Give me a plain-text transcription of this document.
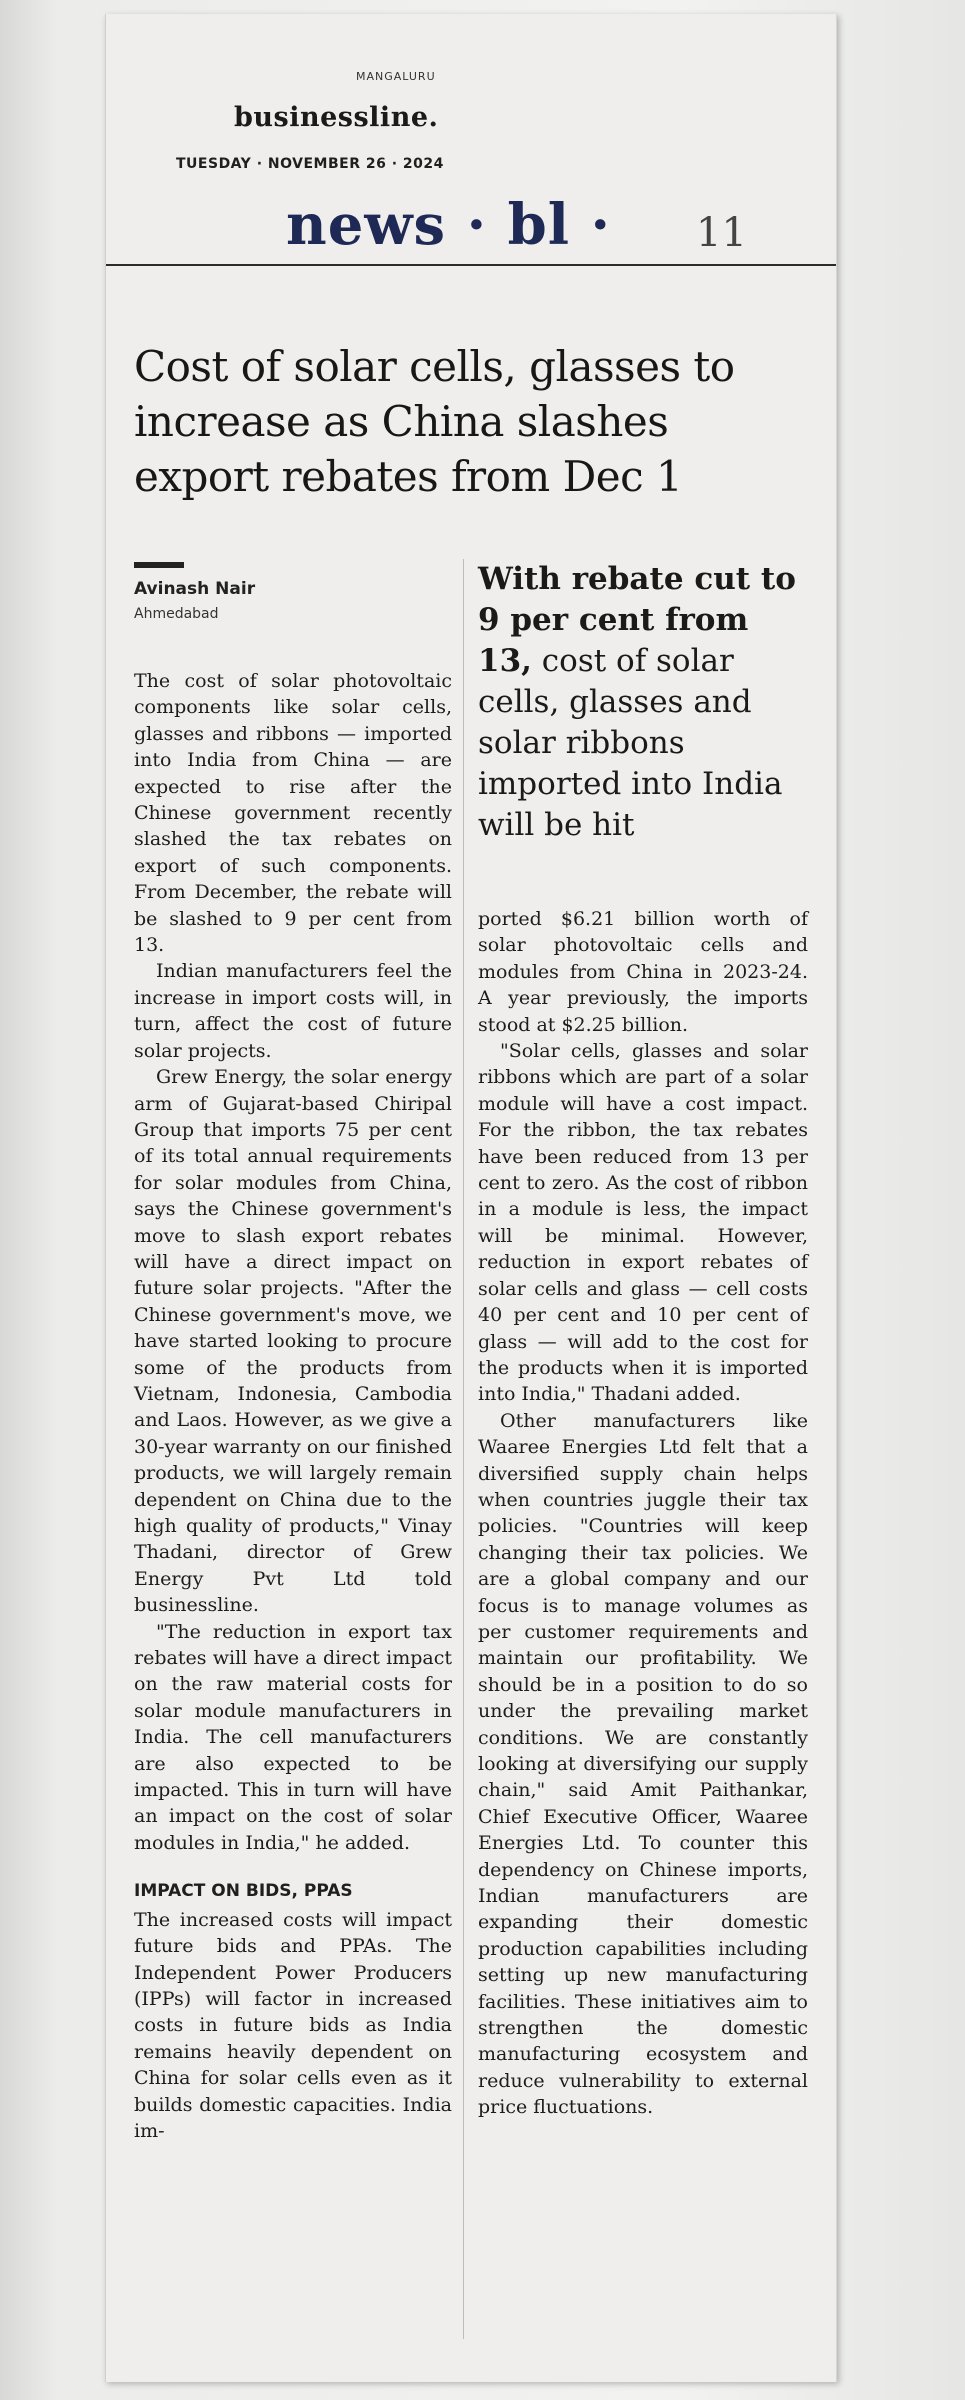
MANGALURU
businessline.
TUESDAY · NOVEMBER 26 · 2024
news · bl · 11
Cost of solar cells, glasses to increase as China slashes export rebates from Dec 1
Avinash Nair
Ahmedabad
With rebate cut to 9 per cent from 13, cost of solar cells, glasses and solar ribbons imported into India will be hit

The cost of solar photovoltaic components like solar cells, glasses and ribbons — imported into India from China — are expected to rise after the Chinese government recently slashed the tax rebates on export of such components. From December, the rebate will be slashed to 9 per cent from 13.

Indian manufacturers feel the increase in import costs will, in turn, affect the cost of future solar projects.

Grew Energy, the solar energy arm of Gujarat-based Chiripal Group that imports 75 per cent of its total annual requirements for solar modules from China, says the Chinese government's move to slash export rebates will have a direct impact on future solar projects. "After the Chinese government's move, we have started looking to procure some of the products from Vietnam, Indonesia, Cambodia and Laos. However, as we give a 30-year warranty on our finished products, we will largely remain dependent on China due to the high quality of products," Vinay Thadani, director of Grew Energy Pvt Ltd told businessline.

"The reduction in export tax rebates will have a direct impact on the raw material costs for solar module manufacturers in India. The cell manufacturers are also expected to be impacted. This in turn will have an impact on the cost of solar modules in India," he added.

IMPACT ON BIDS, PPAS

The increased costs will impact future bids and PPAs. The Independent Power Producers (IPPs) will factor in increased costs in future bids as India remains heavily dependent on China for solar cells even as it builds domestic capacities. India im-

ported $6.21 billion worth of solar photovoltaic cells and modules from China in 2023-24. A year previously, the imports stood at $2.25 billion.

"Solar cells, glasses and solar ribbons which are part of a solar module will have a cost impact. For the ribbon, the tax rebates have been reduced from 13 per cent to zero. As the cost of ribbon in a module is less, the impact will be minimal. However, reduction in export rebates of solar cells and glass — cell costs 40 per cent and 10 per cent of glass — will add to the cost for the products when it is imported into India," Thadani added.

Other manufacturers like Waaree Energies Ltd felt that a diversified supply chain helps when countries juggle their tax policies. "Countries will keep changing their tax policies. We are a global company and our focus is to manage volumes as per customer requirements and maintain our profitability. We should be in a position to do so under the prevailing market conditions. We are constantly looking at diversifying our supply chain," said Amit Paithankar, Chief Executive Officer, Waaree Energies Ltd. To counter this dependency on Chinese imports, Indian manufacturers are expanding their domestic production capabilities including setting up new manufacturing facilities. These initiatives aim to strengthen the domestic manufacturing ecosystem and reduce vulnerability to external price fluctuations.
